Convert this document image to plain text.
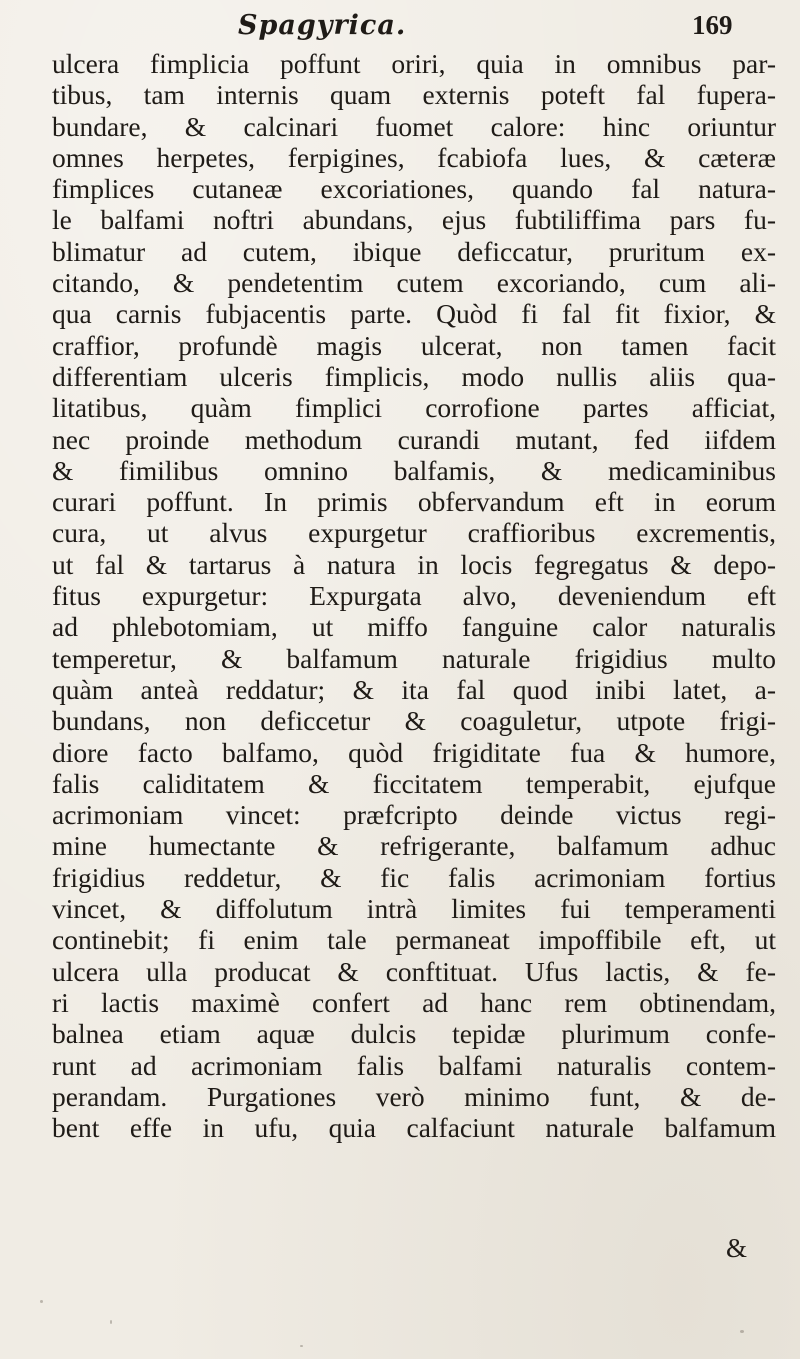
Spagyrica.	169
ulcera fimplicia poffunt oriri, quia in omnibus par-
tibus, tam internis quam externis poteft fal fupera-
bundare, & calcinari fuomet calore: hinc oriuntur
omnes herpetes, ferpigines, fcabiofa lues, & cæteræ
fimplices cutaneæ excoriationes, quando fal natura-
le balfami noftri abundans, ejus fubtiliffima pars fu-
blimatur ad cutem, ibique deficcatur, pruritum ex-
citando, & pendetentim cutem excoriando, cum ali-
qua carnis fubjacentis parte. Quòd fi fal fit fixior, &
craffior, profundè magis ulcerat, non tamen facit
differentiam ulceris fimplicis, modo nullis aliis qua-
litatibus, quàm fimplici corrofione partes afficiat,
nec proinde methodum curandi mutant, fed iifdem
& fimilibus omnino balfamis, & medicaminibus
curari poffunt. In primis obfervandum eft in eorum
cura, ut alvus expurgetur craffioribus excrementis,
ut fal & tartarus à natura in locis fegregatus & depo-
fitus expurgetur: Expurgata alvo, deveniendum eft
ad phlebotomiam, ut miffo fanguine calor naturalis
temperetur, & balfamum naturale frigidius multo
quàm anteà reddatur; & ita fal quod inibi latet, a-
bundans, non deficcetur & coaguletur, utpote frigi-
diore facto balfamo, quòd frigiditate fua & humore,
falis caliditatem & ficcitatem temperabit, ejufque
acrimoniam vincet: præfcripto deinde victus regi-
mine humectante & refrigerante, balfamum adhuc
frigidius reddetur, & fic falis acrimoniam fortius
vincet, & diffolutum intrà limites fui temperamenti
continebit; fi enim tale permaneat impoffibile eft, ut
ulcera ulla producat & conftituat. Ufus lactis, & fe-
ri lactis maximè confert ad hanc rem obtinendam,
balnea etiam aquæ dulcis tepidæ plurimum confe-
runt ad acrimoniam falis balfami naturalis contem-
perandam. Purgationes verò minimo funt, & de-
bent effe in ufu, quia calfaciunt naturale balfamum
&
